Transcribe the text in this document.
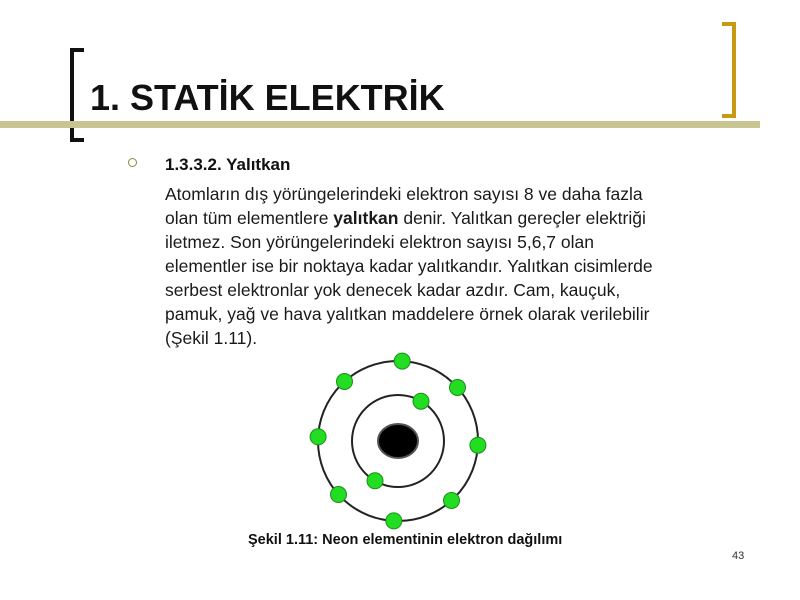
1. STATİK ELEKTRİK
1.3.3.2. Yalıtkan
Atomların dış yörüngelerindeki elektron sayısı 8 ve daha fazla
olan tüm elementlere yalıtkan denir. Yalıtkan gereçler elektriği
iletmez. Son yörüngelerindeki elektron sayısı 5,6,7 olan
elementler ise bir noktaya kadar yalıtkandır. Yalıtkan cisimlerde
serbest elektronlar yok denecek kadar azdır. Cam, kauçuk,
pamuk, yağ ve hava yalıtkan maddelere örnek olarak verilebilir
(Şekil 1.11).
Şekil 1.11: Neon elementinin elektron dağılımı
43
